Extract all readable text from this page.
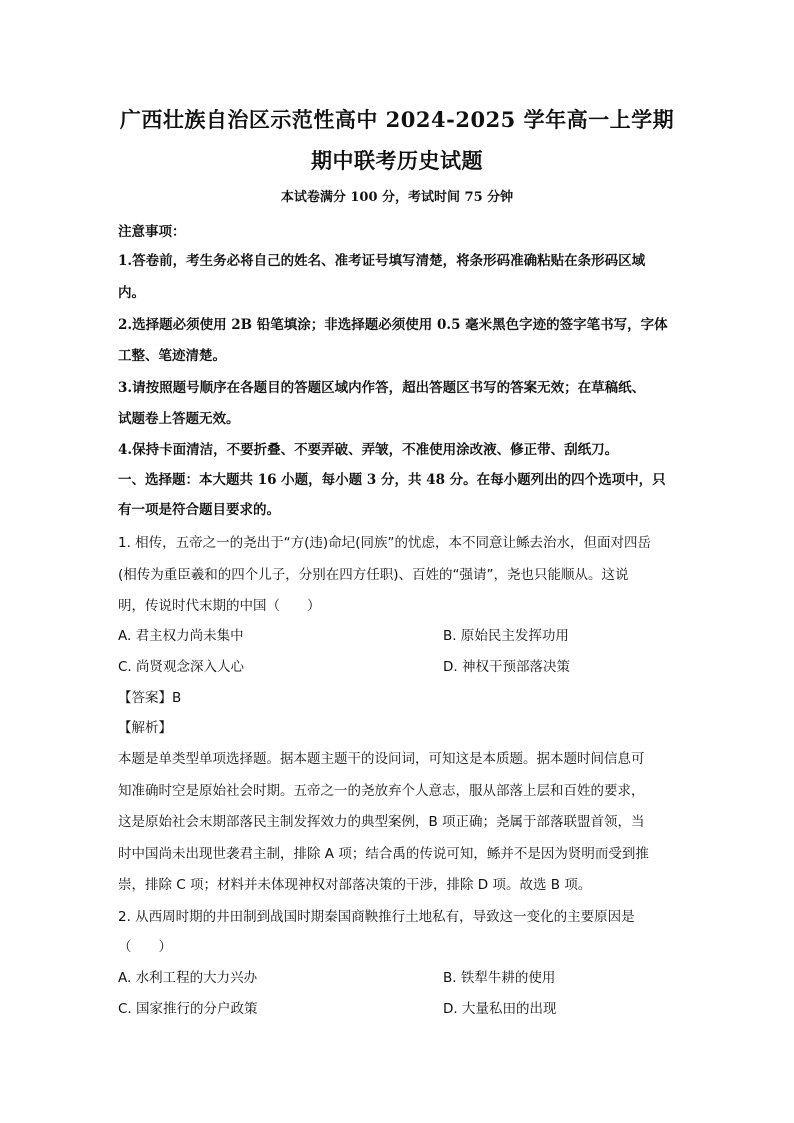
广西壮族自治区示范性高中 2024-2025 学年高一上学期
期中联考历史试题
本试卷满分 100 分，考试时间 75 分钟
注意事项：
1.答卷前，考生务必将自己的姓名、准考证号填写清楚，将条形码准确粘贴在条形码区域
内。
2.选择题必须使用 2B 铅笔填涂；非选择题必须使用 0.5 毫米黑色字迹的签字笔书写，字体
工整、笔迹清楚。
3.请按照题号顺序在各题目的答题区域内作答，超出答题区书写的答案无效；在草稿纸、
试题卷上答题无效。
4.保持卡面清洁，不要折叠、不要弄破、弄皱，不准使用涂改液、修正带、刮纸刀。
一、选择题：本大题共 16 小题，每小题 3 分，共 48 分。在每小题列出的四个选项中，只
有一项是符合题目要求的。
1. 相传，五帝之一的尧出于“方(违)命圮(同族”的忧虑，本不同意让鲧去治水，但面对四岳
(相传为重臣羲和的四个儿子，分别在四方任职)、百姓的“强请”，尧也只能顺从。这说
明，传说时代末期的中国（　　）
A. 君主权力尚未集中	B. 原始民主发挥功用
C. 尚贤观念深入人心	D. 神权干预部落决策
【答案】B
【解析】
本题是单类型单项选择题。据本题主题干的设问词，可知这是本质题。据本题时间信息可
知准确时空是原始社会时期。五帝之一的尧放弃个人意志，服从部落上层和百姓的要求，
这是原始社会末期部落民主制发挥效力的典型案例，B 项正确；尧属于部落联盟首领，当
时中国尚未出现世袭君主制，排除 A 项；结合禹的传说可知，鲧并不是因为贤明而受到推
崇，排除 C 项；材料并未体现神权对部落决策的干涉，排除 D 项。故选 B 项。
2. 从西周时期的井田制到战国时期秦国商鞅推行土地私有，导致这一变化的主要原因是
（　　）
A. 水利工程的大力兴办	B. 铁犁牛耕的使用
C. 国家推行的分户政策	D. 大量私田的出现
